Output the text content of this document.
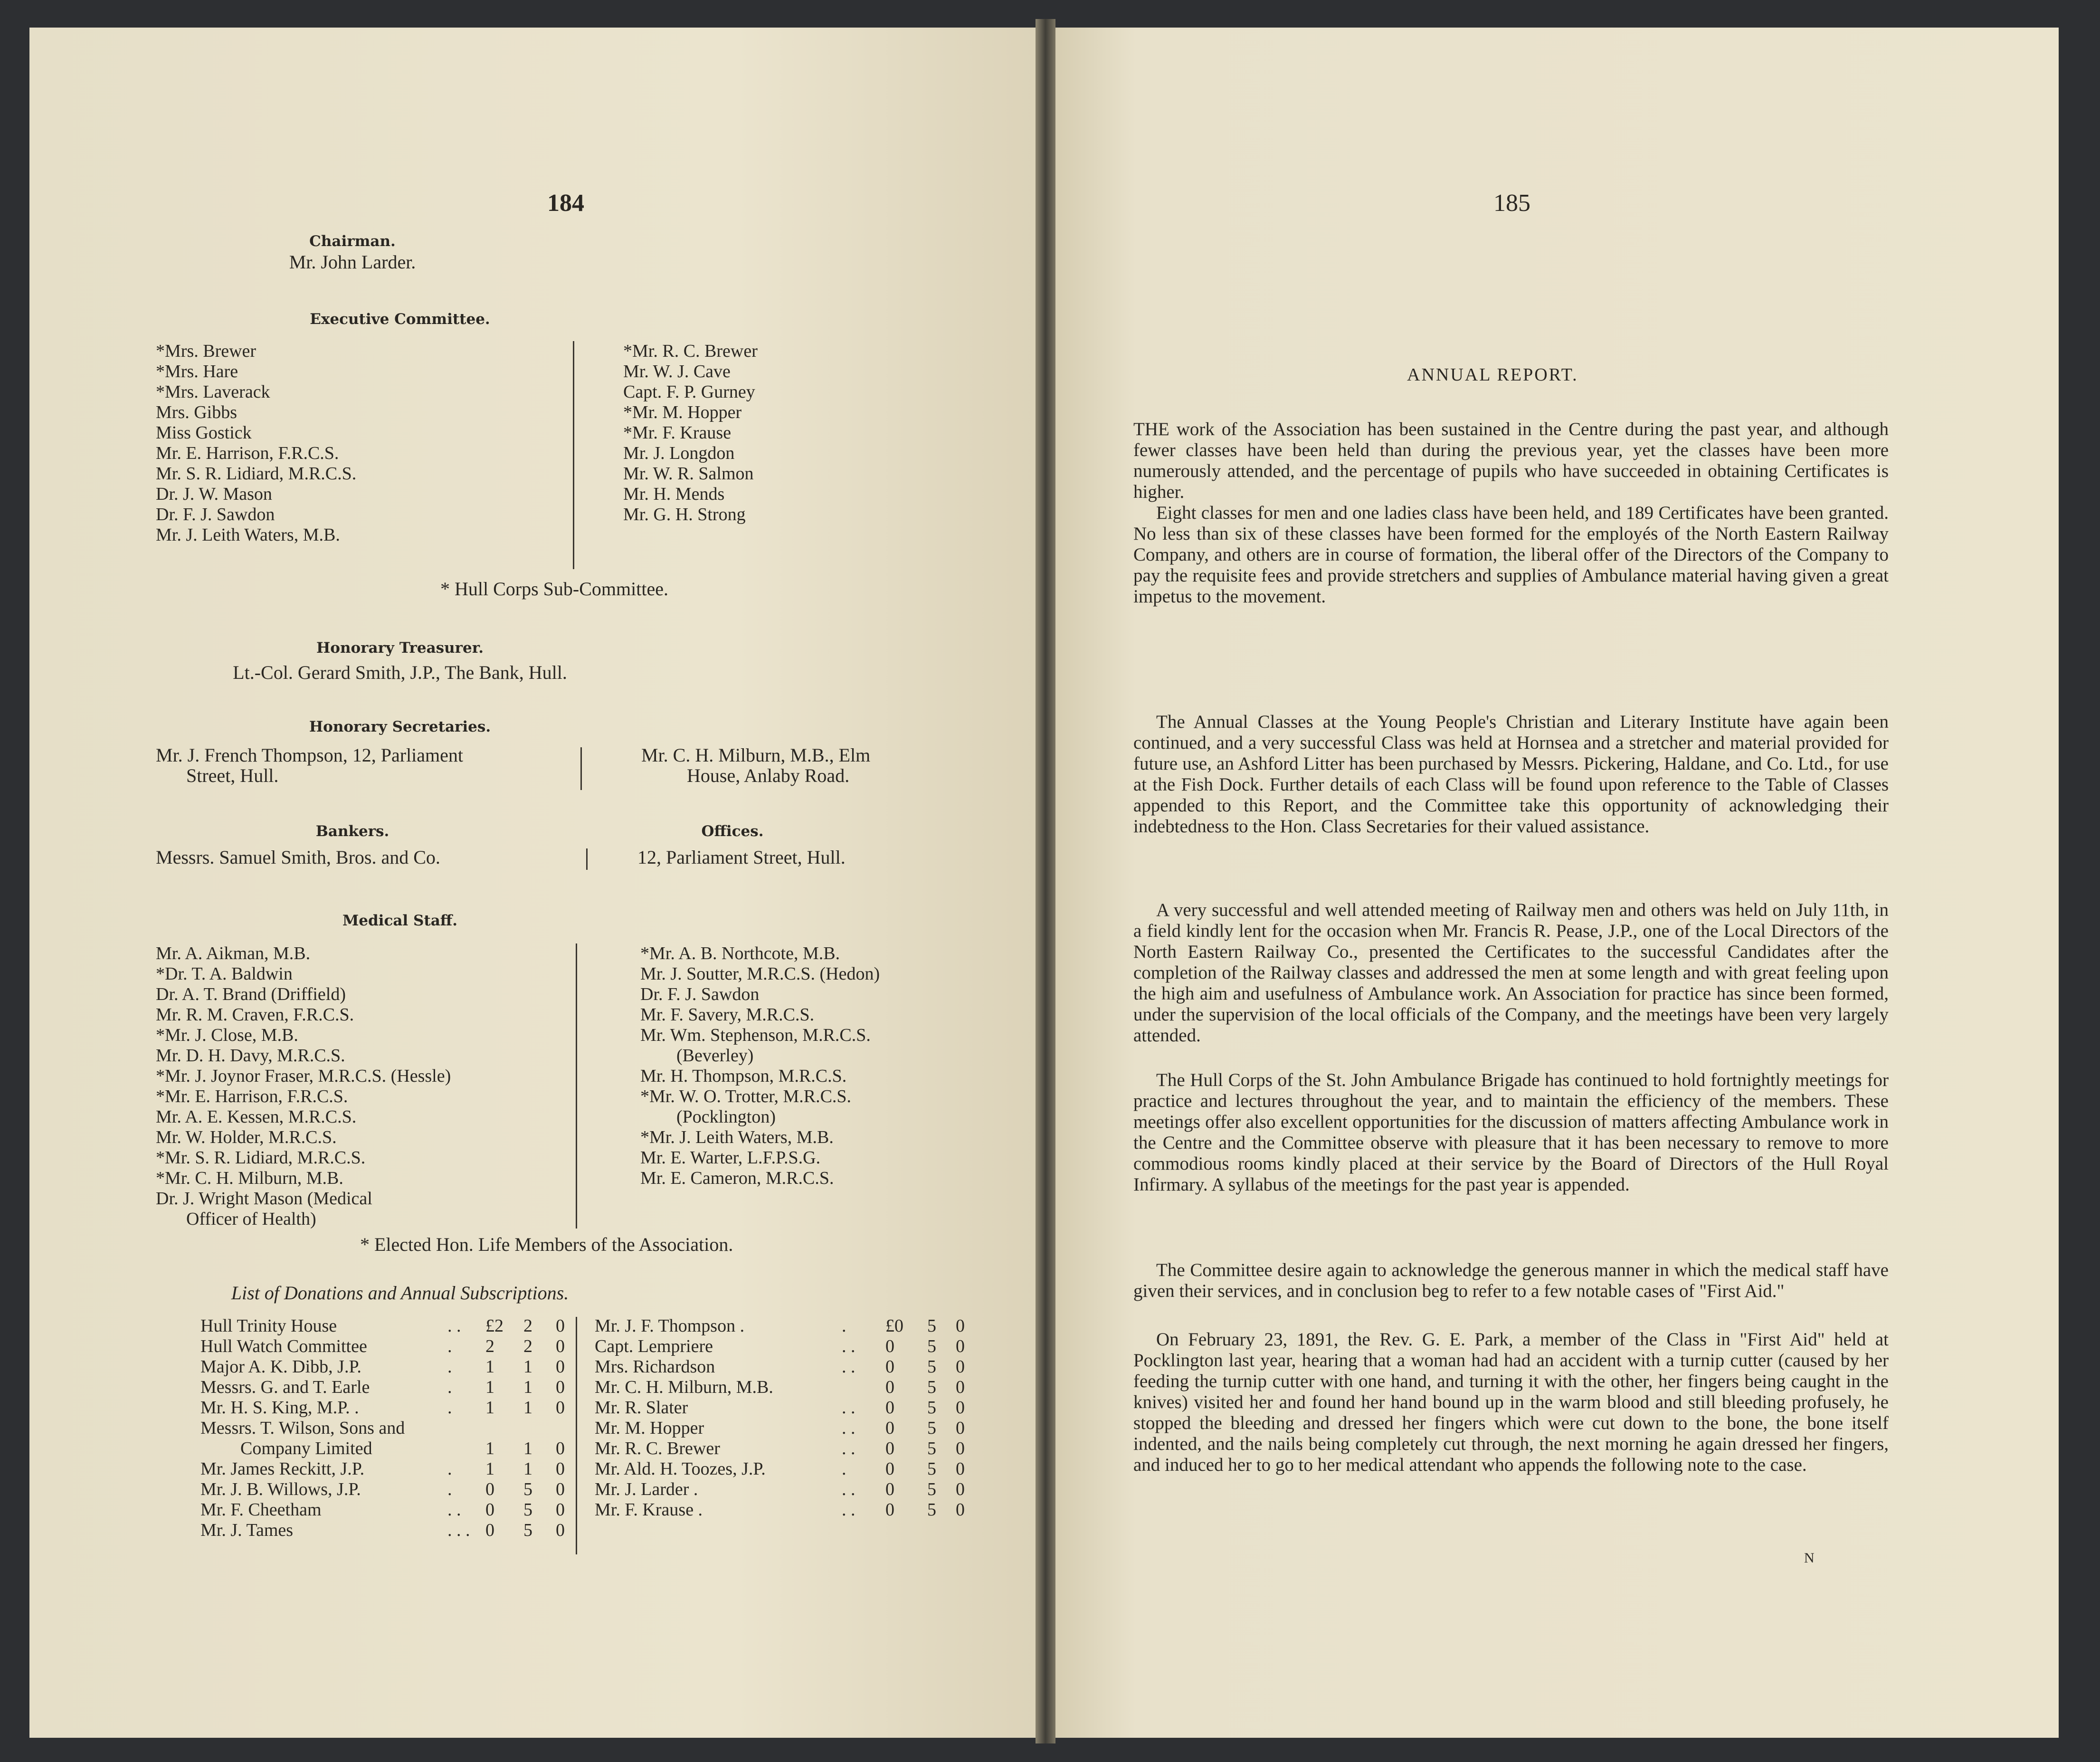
184
Chairman.
Mr. John Larder.
Executive Committee.
*Mrs. Brewer
*Mrs. Hare
*Mrs. Laverack
Mrs. Gibbs
Miss Gostick
Mr. E. Harrison, F.R.C.S.
Mr. S. R. Lidiard, M.R.C.S.
Dr. J. W. Mason
Dr. F. J. Sawdon
Mr. J. Leith Waters, M.B.
*Mr. R. C. Brewer
Mr. W. J. Cave
Capt. F. P. Gurney
*Mr. M. Hopper
*Mr. F. Krause
Mr. J. Longdon
Mr. W. R. Salmon
Mr. H. Mends
Mr. G. H. Strong
* Hull Corps Sub-Committee.
Honorary Treasurer.
Lt.-Col. Gerard Smith, J.P., The Bank, Hull.
Honorary Secretaries.
Mr. J. French Thompson, 12, Parliament
Street, Hull.
Mr. C. H. Milburn, M.B., Elm
House, Anlaby Road.
Bankers.
Messrs. Samuel Smith, Bros. and Co.
Offices.
12, Parliament Street, Hull.
Medical Staff.
Mr. A. Aikman, M.B.
*Dr. T. A. Baldwin
Dr. A. T. Brand (Driffield)
Mr. R. M. Craven, F.R.C.S.
*Mr. J. Close, M.B.
Mr. D. H. Davy, M.R.C.S.
*Mr. J. Joynor Fraser, M.R.C.S. (Hessle)
*Mr. E. Harrison, F.R.C.S.
Mr. A. E. Kessen, M.R.C.S.
Mr. W. Holder, M.R.C.S.
*Mr. S. R. Lidiard, M.R.C.S.
*Mr. C. H. Milburn, M.B.
Dr. J. Wright Mason (Medical
Officer of Health)
*Mr. A. B. Northcote, M.B.
Mr. J. Soutter, M.R.C.S. (Hedon)
Dr. F. J. Sawdon
Mr. F. Savery, M.R.C.S.
Mr. Wm. Stephenson, M.R.C.S.
(Beverley)
Mr. H. Thompson, M.R.C.S.
*Mr. W. O. Trotter, M.R.C.S.
(Pocklington)
*Mr. J. Leith Waters, M.B.
Mr. E. Warter, L.F.P.S.G.
Mr. E. Cameron, M.R.C.S.
* Elected Hon. Life Members of the Association.
List of Donations and Annual Subscriptions.
Hull Trinity House	. . £2 2 0
Hull Watch Committee	. 2 2 0
Major A. K. Dibb, J.P.	. 1 1 0
Messrs. G. and T. Earle	. 1 1 0
Mr. H. S. King, M.P. .	. 1 1 0
Messrs. T. Wilson, Sons and
Company Limited	1 1 0
Mr. James Reckitt, J.P.	. 1 1 0
Mr. J. B. Willows, J.P.	. 0 5 0
Mr. F. Cheetham	. . 0 5 0
Mr. J. Tames	. . . 0 5 0
Mr. J. F. Thompson .	. £0 5 0
Capt. Lempriere	. . 0 5 0
Mrs. Richardson	. . 0 5 0
Mr. C. H. Milburn, M.B.	0 5 0
Mr. R. Slater	. . 0 5 0
Mr. M. Hopper	. . 0 5 0
Mr. R. C. Brewer	. . 0 5 0
Mr. Ald. H. Toozes, J.P.	. 0 5 0
Mr. J. Larder .	. . 0 5 0
Mr. F. Krause .	. . 0 5 0
185
ANNUAL REPORT.
THE work of the Association has been sustained in the Centre during the past year, and although fewer classes have been held than during the previous year, yet the classes have been more numerously attended, and the percentage of pupils who have succeeded in obtaining Certificates is higher.
Eight classes for men and one ladies class have been held, and 189 Certificates have been granted. No less than six of these classes have been formed for the employés of the North Eastern Railway Company, and others are in course of formation, the liberal offer of the Directors of the Company to pay the requisite fees and provide stretchers and supplies of Ambulance material having given a great impetus to the movement.
The Annual Classes at the Young People's Christian and Literary Institute have again been continued, and a very successful Class was held at Hornsea and a stretcher and material provided for future use, an Ashford Litter has been purchased by Messrs. Pickering, Haldane, and Co. Ltd., for use at the Fish Dock. Further details of each Class will be found upon reference to the Table of Classes appended to this Report, and the Committee take this opportunity of acknowledging their indebtedness to the Hon. Class Secretaries for their valued assistance.
A very successful and well attended meeting of Railway men and others was held on July 11th, in a field kindly lent for the occasion when Mr. Francis R. Pease, J.P., one of the Local Directors of the North Eastern Railway Co., presented the Certificates to the successful Candidates after the completion of the Railway classes and addressed the men at some length and with great feeling upon the high aim and usefulness of Ambulance work. An Association for practice has since been formed, under the supervision of the local officials of the Company, and the meetings have been very largely attended.
The Hull Corps of the St. John Ambulance Brigade has continued to hold fortnightly meetings for practice and lectures throughout the year, and to maintain the efficiency of the members. These meetings offer also excellent opportunities for the discussion of matters affecting Ambulance work in the Centre and the Committee observe with pleasure that it has been necessary to remove to more commodious rooms kindly placed at their service by the Board of Directors of the Hull Royal Infirmary. A syllabus of the meetings for the past year is appended.
The Committee desire again to acknowledge the generous manner in which the medical staff have given their services, and in conclusion beg to refer to a few notable cases of "First Aid."
On February 23, 1891, the Rev. G. E. Park, a member of the Class in "First Aid" held at Pocklington last year, hearing that a woman had had an accident with a turnip cutter (caused by her feeding the turnip cutter with one hand, and turning it with the other, her fingers being caught in the knives) visited her and found her hand bound up in the warm blood and still bleeding profusely, he stopped the bleeding and dressed her fingers which were cut down to the bone, the bone itself indented, and the nails being completely cut through, the next morning he again dressed her fingers, and induced her to go to her medical attendant who appends the following note to the case.
N
